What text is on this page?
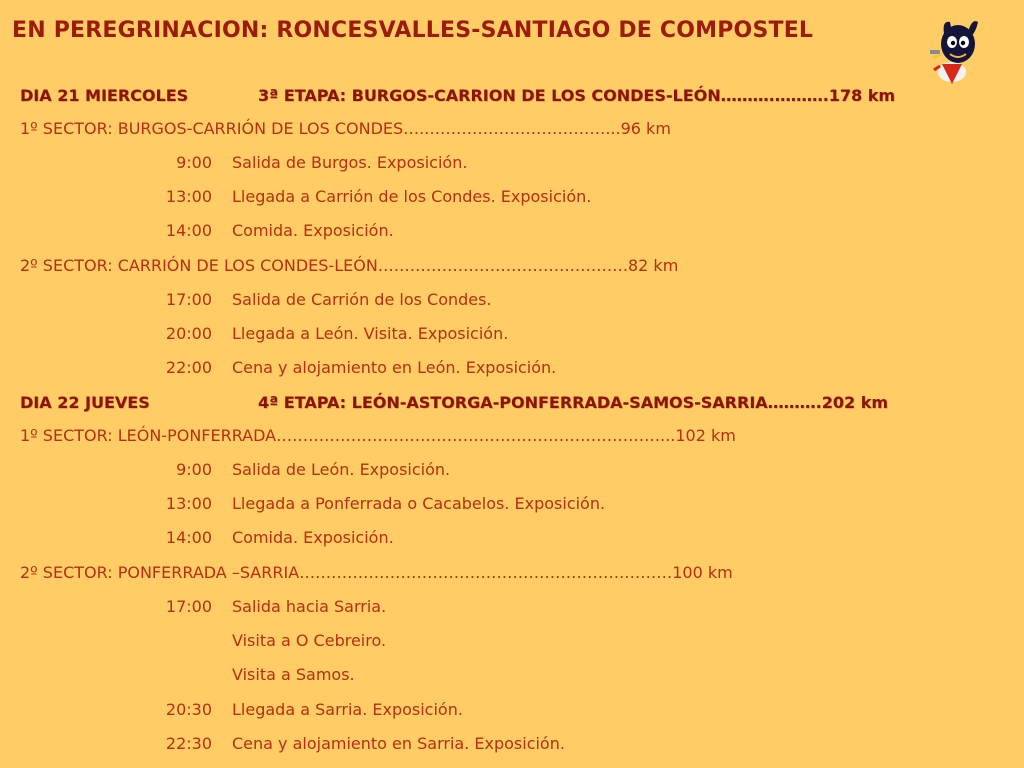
EN PEREGRINACION: RONCESVALLES-SANTIAGO DE COMPOSTEL
DIA 21 MIERCOLES	3ª ETAPA: BURGOS-CARRION DE LOS CONDES-LEÓN……….……….178 km
1º SECTOR: BURGOS-CARRIÓN DE LOS CONDES…..……………………………...96 km
9:00 Salida de Burgos. Exposición.
13:00 Llegada a Carrión de los Condes. Exposición.
14:00 Comida. Exposición.
2º SECTOR: CARRIÓN DE LOS CONDES-LEÓN……………………………….……….82 km
17:00 Salida de Carrión de los Condes.
20:00 Llegada a León. Visita. Exposición.
22:00 Cena y alojamiento en León. Exposición.
DIA 22 JUEVES	4ª ETAPA: LEÓN-ASTORGA-PONFERRADA-SAMOS-SARRIA……….202 km
1º SECTOR: LEÓN-PONFERRADA………………………………………………………………...102 km
9:00 Salida de León. Exposición.
13:00 Llegada a Ponferrada o Cacabelos. Exposición.
14:00 Comida. Exposición.
2º SECTOR: PONFERRADA –SARRIA…………………………………………………….………100 km
17:00 Salida hacia Sarria.
Visita a O Cebreiro.
Visita a Samos.
20:30 Llegada a Sarria. Exposición.
22:30 Cena y alojamiento en Sarria. Exposición.
